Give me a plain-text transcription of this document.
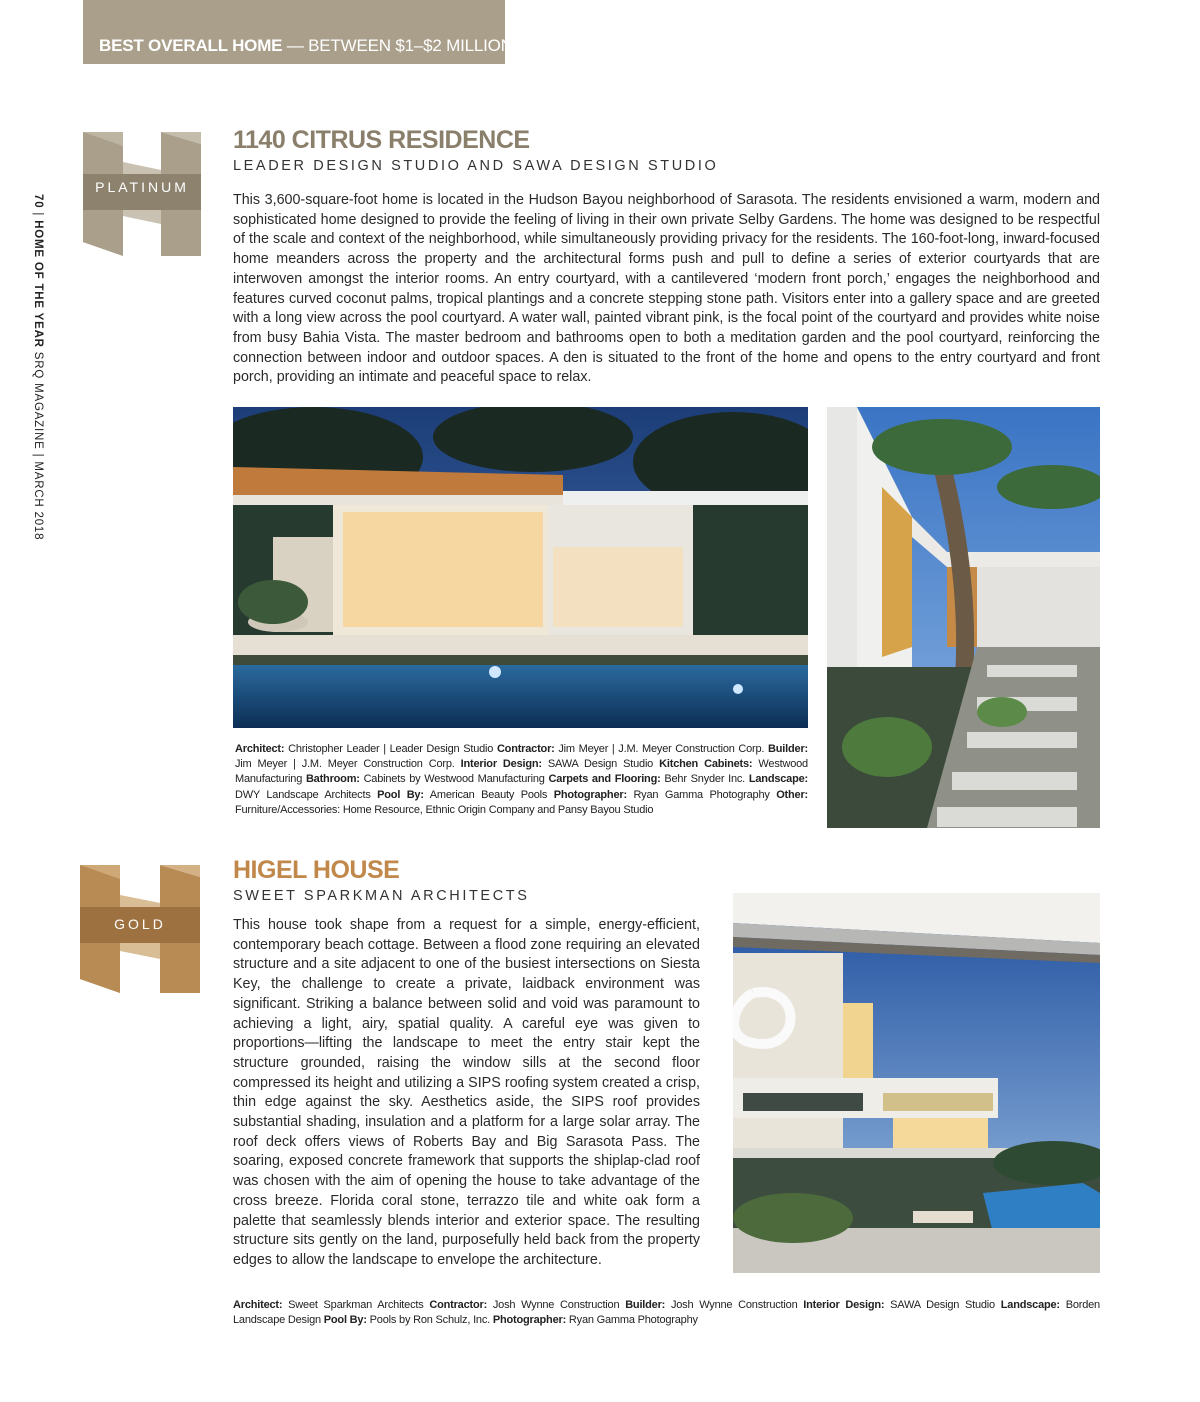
BEST OVERALL HOME — BETWEEN $1–$2 MILLION
70 | HOME OF THE YEAR SRQ MAGAZINE | MARCH 2018
PLATINUM
1140 CITRUS RESIDENCE
LEADER DESIGN STUDIO AND SAWA DESIGN STUDIO
This 3,600-square-foot home is located in the Hudson Bayou neighborhood of Sarasota. The residents envisioned a warm, modern and sophisticated home designed to provide the feeling of living in their own private Selby Gardens. The home was designed to be respectful of the scale and context of the neighborhood, while simultaneously providing privacy for the residents. The 160-foot-long, inward-focused home meanders across the property and the architectural forms push and pull to define a series of exterior courtyards that are interwoven amongst the interior rooms. An entry courtyard, with a cantilevered ‘modern front porch,’ engages the neighborhood and features curved coconut palms, tropical plantings and a concrete stepping stone path. Visitors enter into a gallery space and are greeted with a long view across the pool courtyard. A water wall, painted vibrant pink, is the focal point of the courtyard and provides white noise from busy Bahia Vista. The master bedroom and bathrooms open to both a meditation garden and the pool courtyard, reinforcing the connection between indoor and outdoor spaces. A den is situated to the front of the home and opens to the entry courtyard and front porch, providing an intimate and peaceful space to relax.
Architect: Christopher Leader | Leader Design Studio Contractor: Jim Meyer | J.M. Meyer Construction Corp. Builder: Jim Meyer | J.M. Meyer Construction Corp. Interior Design: SAWA Design Studio Kitchen Cabinets: Westwood Manufacturing Bathroom: Cabinets by Westwood Manufacturing Carpets and Flooring: Behr Snyder Inc. Landscape: DWY Landscape Architects Pool By: American Beauty Pools Photographer: Ryan Gamma Photography Other: Furniture/Accessories: Home Resource, Ethnic Origin Company and Pansy Bayou Studio
GOLD
HIGEL HOUSE
SWEET SPARKMAN ARCHITECTS
This house took shape from a request for a simple, energy-efficient, contemporary beach cottage. Between a flood zone requiring an elevated structure and a site adjacent to one of the busiest intersections on Siesta Key, the challenge to create a private, laidback environment was significant. Striking a balance between solid and void was paramount to achieving a light, airy, spatial quality. A careful eye was given to proportions—lifting the landscape to meet the entry stair kept the structure grounded, raising the window sills at the second floor compressed its height and utilizing a SIPS roofing system created a crisp, thin edge against the sky. Aesthetics aside, the SIPS roof provides substantial shading, insulation and a platform for a large solar array. The roof deck offers views of Roberts Bay and Big Sarasota Pass. The soaring, exposed concrete framework that supports the shiplap-clad roof was chosen with the aim of opening the house to take advantage of the cross breeze. Florida coral stone, terrazzo tile and white oak form a palette that seamlessly blends interior and exterior space. The resulting structure sits gently on the land, purposefully held back from the property edges to allow the landscape to envelope the architecture.
Architect: Sweet Sparkman Architects Contractor: Josh Wynne Construction Builder: Josh Wynne Construction Interior Design: SAWA Design Studio Landscape: Borden Landscape Design Pool By: Pools by Ron Schulz, Inc. Photographer: Ryan Gamma Photography
